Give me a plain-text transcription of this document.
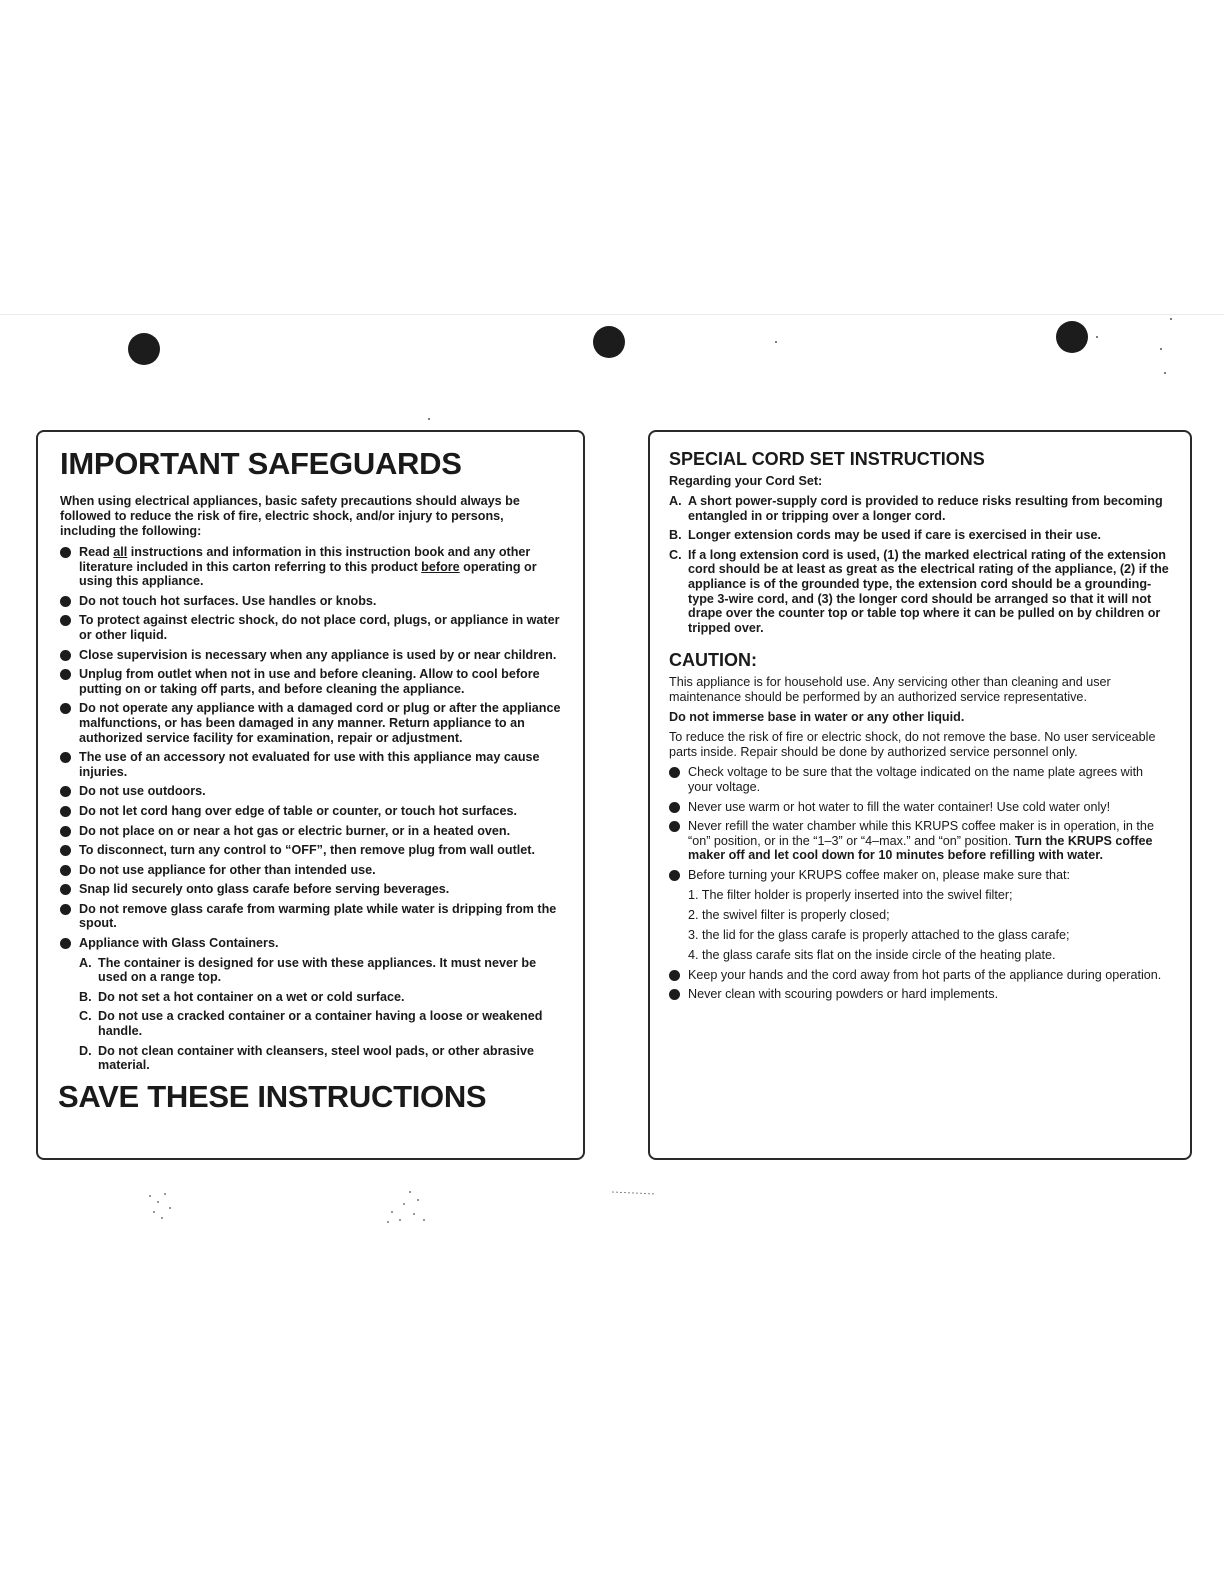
IMPORTANT SAFEGUARDS
When using electrical appliances, basic safety precautions should always be followed to reduce the risk of fire, electric shock, and/or injury to persons, including the following:
Read all instructions and information in this instruction book and any other literature included in this carton referring to this product before operating or using this appliance.
Do not touch hot surfaces. Use handles or knobs.
To protect against electric shock, do not place cord, plugs, or appliance in water or other liquid.
Close supervision is necessary when any appliance is used by or near children.
Unplug from outlet when not in use and before cleaning. Allow to cool before putting on or taking off parts, and before cleaning the appliance.
Do not operate any appliance with a damaged cord or plug or after the appliance malfunctions, or has been damaged in any manner. Return appliance to an authorized service facility for examination, repair or adjustment.
The use of an accessory not evaluated for use with this appliance may cause injuries.
Do not use outdoors.
Do not let cord hang over edge of table or counter, or touch hot surfaces.
Do not place on or near a hot gas or electric burner, or in a heated oven.
To disconnect, turn any control to “OFF”, then remove plug from wall outlet.
Do not use appliance for other than intended use.
Snap lid securely onto glass carafe before serving beverages.
Do not remove glass carafe from warming plate while water is dripping from the spout.
Appliance with Glass Containers.
A. The container is designed for use with these appliances. It must never be used on a range top.
B. Do not set a hot container on a wet or cold surface.
C. Do not use a cracked container or a container having a loose or weakened handle.
D. Do not clean container with cleansers, steel wool pads, or other abrasive material.
SAVE THESE INSTRUCTIONS
SPECIAL CORD SET INSTRUCTIONS
Regarding your Cord Set:
A. A short power-supply cord is provided to reduce risks resulting from becoming entangled in or tripping over a longer cord.
B. Longer extension cords may be used if care is exercised in their use.
C. If a long extension cord is used, (1) the marked electrical rating of the extension cord should be at least as great as the electrical rating of the appliance, (2) if the appliance is of the grounded type, the extension cord should be a grounding-type 3-wire cord, and (3) the longer cord should be arranged so that it will not drape over the counter top or table top where it can be pulled on by children or tripped over.
CAUTION:
This appliance is for household use. Any servicing other than cleaning and user maintenance should be performed by an authorized service representative.
Do not immerse base in water or any other liquid.
To reduce the risk of fire or electric shock, do not remove the base. No user serviceable parts inside. Repair should be done by authorized service personnel only.
Check voltage to be sure that the voltage indicated on the name plate agrees with your voltage.
Never use warm or hot water to fill the water container! Use cold water only!
Never refill the water chamber while this KRUPS coffee maker is in operation, in the “on” position, or in the “1–3” or “4–max.” and “on” position. Turn the KRUPS coffee maker off and let cool down for 10 minutes before refilling with water.
Before turning your KRUPS coffee maker on, please make sure that:
1. The filter holder is properly inserted into the swivel filter;
2. the swivel filter is properly closed;
3. the lid for the glass carafe is properly attached to the glass carafe;
4. the glass carafe sits flat on the inside circle of the heating plate.
Keep your hands and the cord away from hot parts of the appliance during operation.
Never clean with scouring powders or hard implements.
